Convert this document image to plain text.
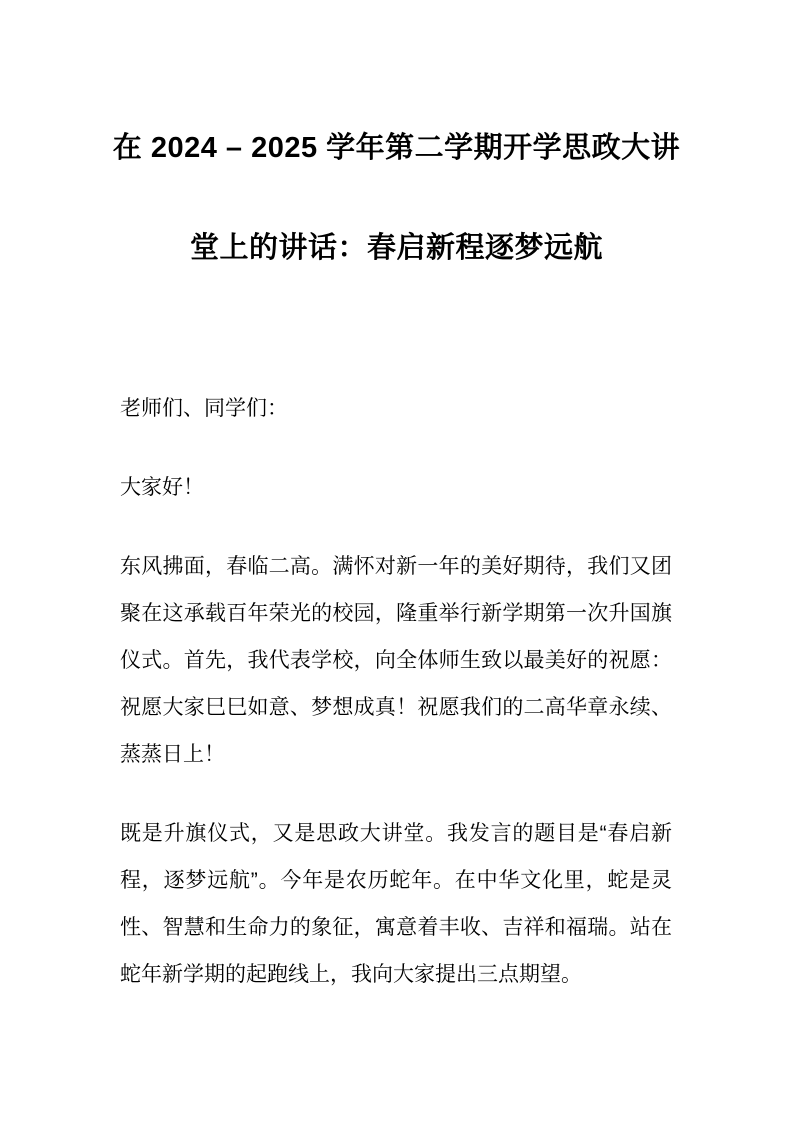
在 2024 – 2025 学年第二学期开学思政大讲
堂上的讲话：春启新程逐梦远航

老师们、同学们：

大家好！

东风拂面，春临二高。满怀对新一年的美好期待，我们又团聚在这承载百年荣光的校园，隆重举行新学期第一次升国旗仪式。首先，我代表学校，向全体师生致以最美好的祝愿：祝愿大家巳巳如意、梦想成真！祝愿我们的二高华章永续、蒸蒸日上！

既是升旗仪式，又是思政大讲堂。我发言的题目是“春启新程，逐梦远航”。今年是农历蛇年。在中华文化里，蛇是灵性、智慧和生命力的象征，寓意着丰收、吉祥和福瑞。站在蛇年新学期的起跑线上，我向大家提出三点期望。
